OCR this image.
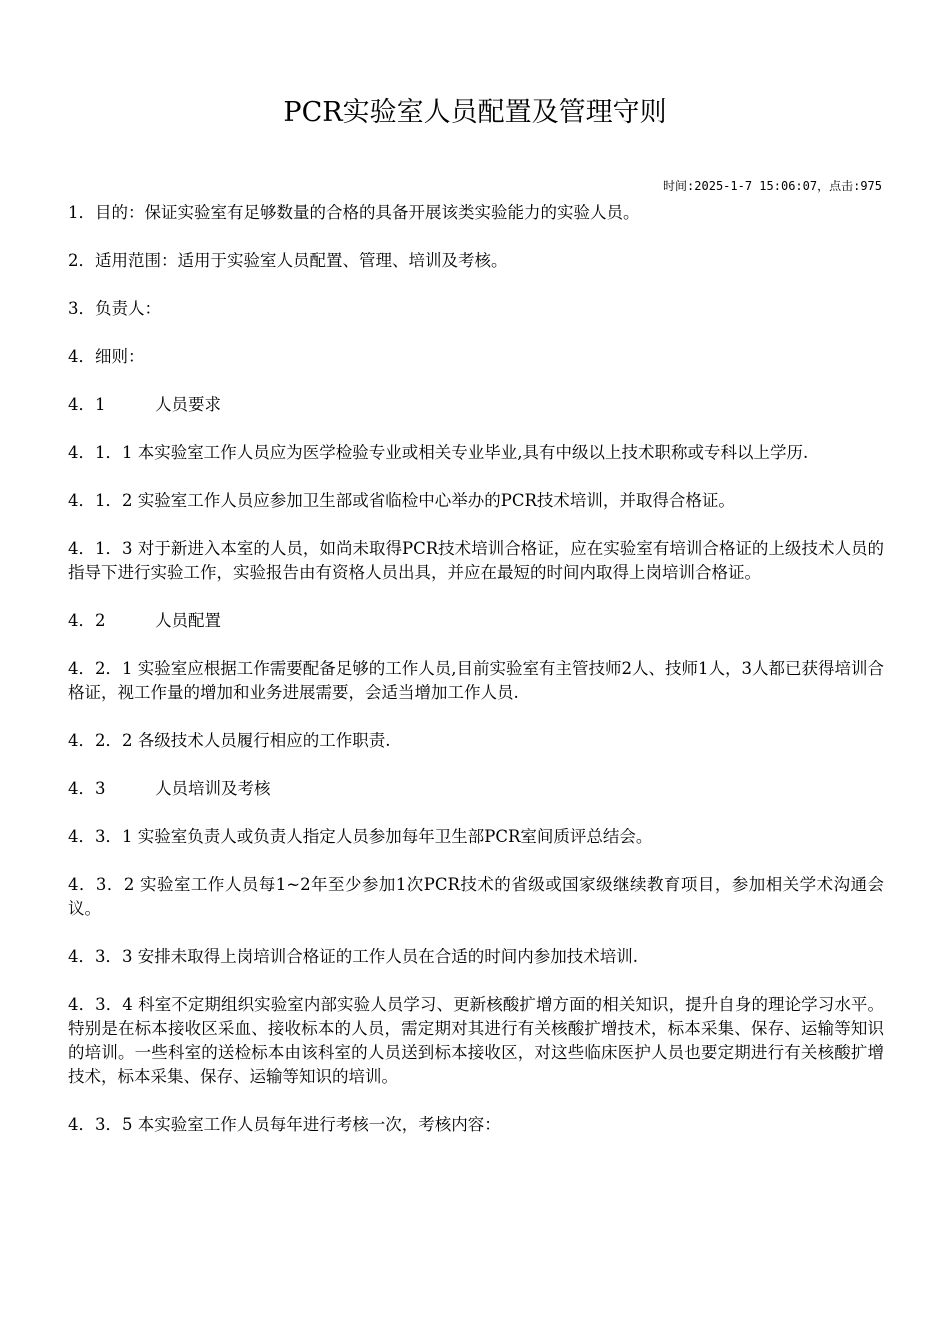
PCR实验室人员配置及管理守则
时间:2025-1-7 15:06:07，点击:975

1．目的：保证实验室有足够数量的合格的具备开展该类实验能力的实验人员。

2．适用范围：适用于实验室人员配置、管理、培训及考核。

3．负责人：

4．细则：

4．1　　　人员要求

4．1．1 本实验室工作人员应为医学检验专业或相关专业毕业,具有中级以上技术职称或专科以上学历.

4．1．2 实验室工作人员应参加卫生部或省临检中心举办的PCR技术培训，并取得合格证。

4．1．3 对于新进入本室的人员，如尚未取得PCR技术培训合格证，应在实验室有培训合格证的上级技术人员的指导下进行实验工作，实验报告由有资格人员出具，并应在最短的时间内取得上岗培训合格证。

4．2　　　人员配置

4．2．1 实验室应根据工作需要配备足够的工作人员,目前实验室有主管技师2人、技师1人，3人都已获得培训合格证，视工作量的增加和业务进展需要，会适当增加工作人员.

4．2．2 各级技术人员履行相应的工作职责.

4．3　　　人员培训及考核

4．3．1 实验室负责人或负责人指定人员参加每年卫生部PCR室间质评总结会。

4．3．2 实验室工作人员每1~2年至少参加1次PCR技术的省级或国家级继续教育项目，参加相关学术沟通会议。

4．3．3 安排未取得上岗培训合格证的工作人员在合适的时间内参加技术培训.

4．3．4 科室不定期组织实验室内部实验人员学习、更新核酸扩增方面的相关知识，提升自身的理论学习水平。特别是在标本接收区采血、接收标本的人员，需定期对其进行有关核酸扩增技术，标本采集、保存、运输等知识的培训。一些科室的送检标本由该科室的人员送到标本接收区，对这些临床医护人员也要定期进行有关核酸扩增技术，标本采集、保存、运输等知识的培训。

4．3．5 本实验室工作人员每年进行考核一次，考核内容：
